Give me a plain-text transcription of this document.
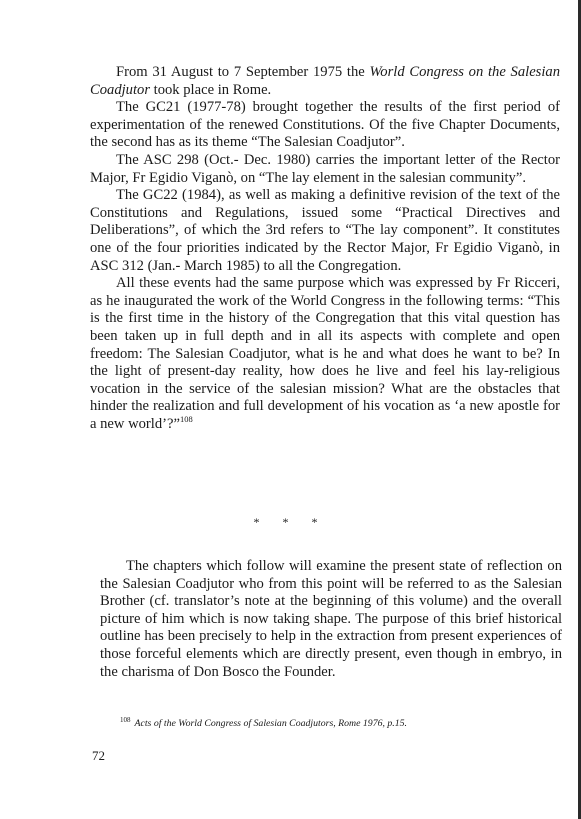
From 31 August to 7 September 1975 the World Congress on the Salesian Coadjutor took place in Rome.

The GC21 (1977-78) brought together the results of the first period of experimentation of the renewed Constitutions. Of the five Chapter Documents, the second has as its theme “The Salesian Coadjutor”.

The ASC 298 (Oct.- Dec. 1980) carries the important letter of the Rector Major, Fr Egidio Viganò, on “The lay element in the salesian community”.

The GC22 (1984), as well as making a definitive revision of the text of the Constitutions and Regulations, issued some “Practical Directives and Deliberations”, of which the 3rd refers to “The lay component”. It constitutes one of the four priorities indicated by the Rector Major, Fr Egidio Viganò, in ASC 312 (Jan.- March 1985) to all the Congregation.

All these events had the same purpose which was expressed by Fr Ricceri, as he inaugurated the work of the World Congress in the following terms: “This is the first time in the history of the Congregation that this vital question has been taken up in full depth and in all its aspects with complete and open freedom: The Salesian Coadjutor, what is he and what does he want to be? In the light of present-day reality, how does he live and feel his lay-religious vocation in the service of the salesian mission? What are the obstacles that hinder the realization and full development of his vocation as ‘a new apostle for a new world’?”$^{108}$

* * *

The chapters which follow will examine the present state of reflection on the Salesian Coadjutor who from this point will be referred to as the Salesian Brother (cf. translator’s note at the beginning of this volume) and the overall picture of him which is now taking shape. The purpose of this brief historical outline has been precisely to help in the extraction from present experiences of those forceful elements which are directly present, even though in embryo, in the charisma of Don Bosco the Founder.

$^{108}$ Acts of the World Congress of Salesian Coadjutors, Rome 1976, p.15.
72
